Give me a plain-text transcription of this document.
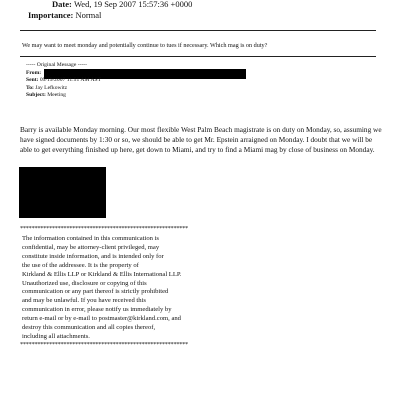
Date: Wed, 19 Sep 2007 15:57:36 +0000
Importance: Normal
We may want to meet monday and potentially continue to tues if necessary. Which mag is on duty?
----- Original Message -----
From:
Sent: 09/19/2007 11:51 AM AST
To: Jay Lefkowitz
Subject: Meeting
Barry is available Monday morning. Our most flexible West Palm Beach magistrate is on duty on Monday, so, assuming we have signed documents by 1:30 or so, we should be able to get Mr. Epstein arraigned on Monday. I doubt that we will be able to get everything finished up here, get down to Miami, and try to find a Miami mag by close of business on Monday.
**********************************************************
The information contained in this communication is
confidential, may be attorney-client privileged, may
constitute inside information, and is intended only for
the use of the addressee. It is the property of
Kirkland & Ellis LLP or Kirkland & Ellis International LLP.
Unauthorized use, disclosure or copying of this
communication or any part thereof is strictly prohibited
and may be unlawful. If you have received this
communication in error, please notify us immediately by
return e-mail or by e-mail to postmaster@kirkland.com, and
destroy this communication and all copies thereof,
including all attachments.
**********************************************************
